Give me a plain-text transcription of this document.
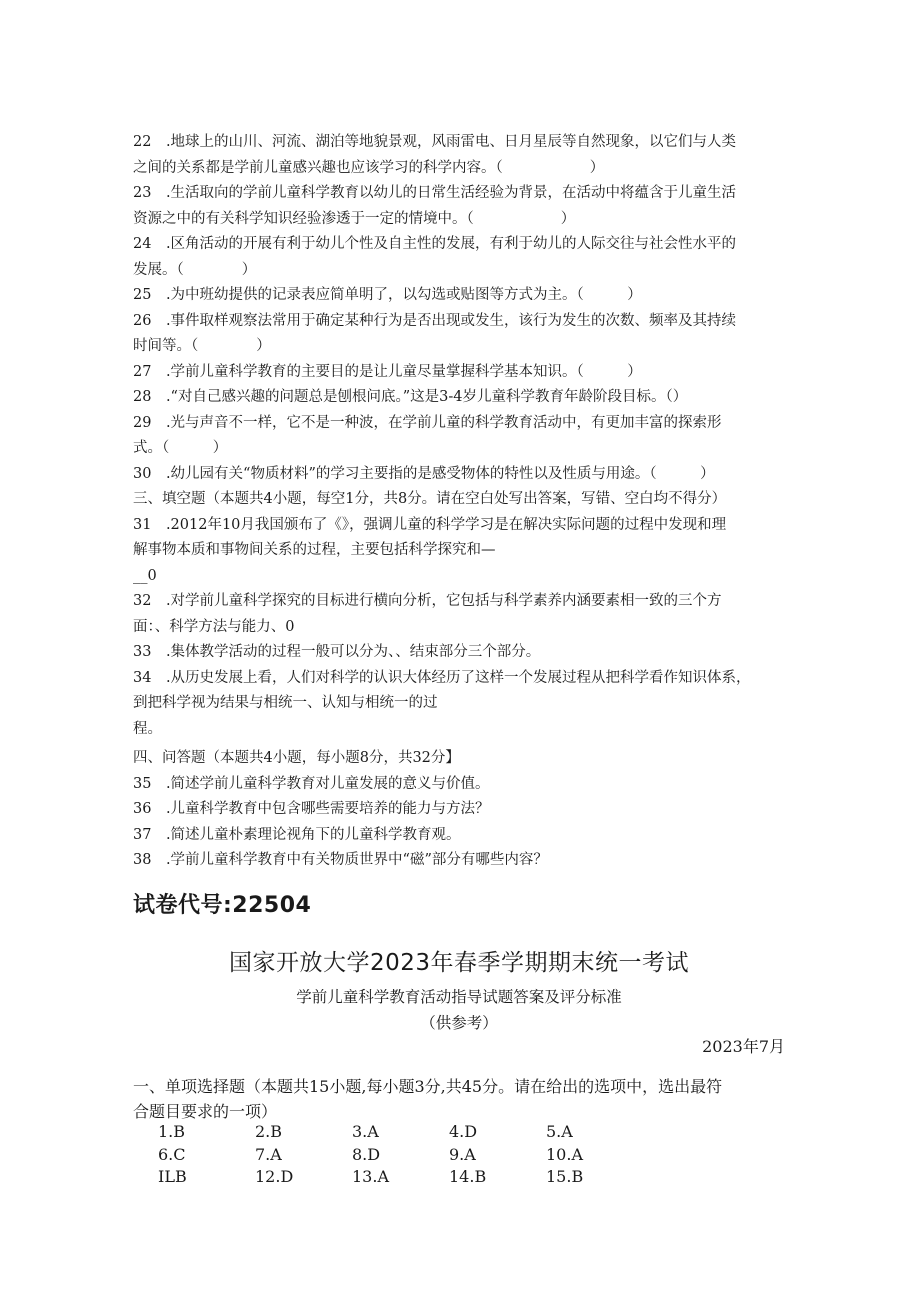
22　.地球上的山川、河流、湖泊等地貌景观，风雨雷电、日月星辰等自然现象，以它们与人类
之间的关系都是学前儿童感兴趣也应该学习的科学内容。（　　　　　　）
23　.生活取向的学前儿童科学教育以幼儿的日常生活经验为背景，在活动中将蕴含于儿童生活
资源之中的有关科学知识经验渗透于一定的情境中。（　　　　　　）
24　.区角活动的开展有利于幼儿个性及自主性的发展，有利于幼儿的人际交往与社会性水平的
发展。（　　　　）
25　.为中班幼提供的记录表应简单明了，以勾选或贴图等方式为主。（　　　）
26　.事件取样观察法常用于确定某种行为是否出现或发生，该行为发生的次数、频率及其持续
时间等。（　　　　）
27　.学前儿童科学教育的主要目的是让儿童尽量掌握科学基本知识。（　　　）
28　.“对自己感兴趣的问题总是刨根问底。”这是3-4岁儿童科学教育年龄阶段目标。（）
29　.光与声音不一样，它不是一种波，在学前儿童的科学教育活动中，有更加丰富的探索形
式。（　　　）
30　.幼儿园有关“物质材料”的学习主要指的是感受物体的特性以及性质与用途。（　　　）
三、填空题（本题共4小题，每空1分，共8分。请在空白处写出答案，写错、空白均不得分）
31　.2012年10月我国颁布了《》，强调儿童的科学学习是在解决实际问题的过程中发现和理
解事物本质和事物间关系的过程，主要包括科学探究和—
__0
32　.对学前儿童科学探究的目标进行横向分析，它包括与科学素养内涵要素相一致的三个方
面：、科学方法与能力、0
33　.集体教学活动的过程一般可以分为、、结束部分三个部分。
34　.从历史发展上看，人们对科学的认识大体经历了这样一个发展过程从把科学看作知识体系，
到把科学视为结果与相统一、认知与相统一的过
程。
四、问答题（本题共4小题，每小题8分，共32分】
35　.简述学前儿童科学教育对儿童发展的意义与价值。
36　.儿童科学教育中包含哪些需要培养的能力与方法？
37　.简述儿童朴素理论视角下的儿童科学教育观。
38　.学前儿童科学教育中有关物质世界中“磁”部分有哪些内容？
试卷代号:22504
国家开放大学2023年春季学期期末统一考试
学前儿童科学教育活动指导试题答案及评分标准
（供参考）
2023年7月
一、单项选择题（本题共15小题,每小题3分,共45分。请在给出的选项中，选出最符
合题目要求的一项）
1.B	2.B	3.A	4.D	5.A
6.C	7.A	8.D	9.A	10.A
ILB	12.D	13.A	14.B	15.B
